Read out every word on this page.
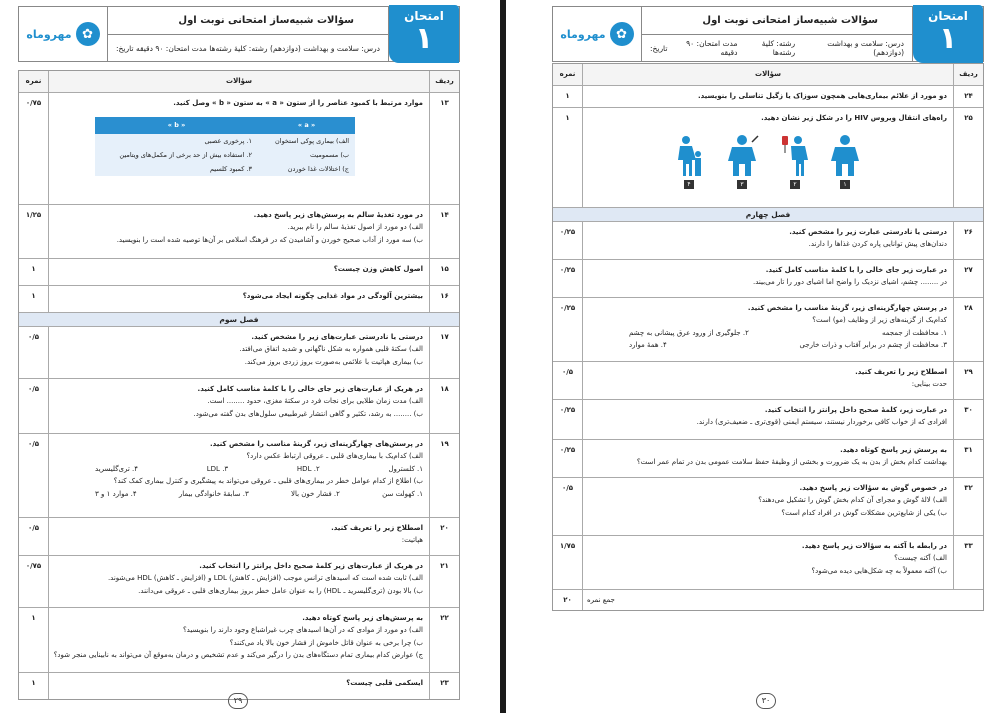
امتحان
١
سؤالات شبیه‌ساز امتحانی نوبت اول
درس: سلامت و بهداشت (دوازدهم)
رشته: کلیهٔ رشته‌ها
مدت امتحان: ۹۰ دقیقه
تاریخ:
✿
مهروماه
ردیف
سؤالات
نمره
۱۳
موارد مرتبط با کمبود عناصر را از ستون « a » به ستون « b » وصل کنید.
« a »	« b »
الف) بیماری پوکی استخوان	۱. پرخوری عصبی
ب) مسمومیت	۲. استفاده بیش از حد برخی از مکمل‌های ویتامین
ج) اختلالات غذا خوردن	۳. کمبود کلسیم
۰/۷۵
۱۴
در مورد تغذیهٔ سالم به پرسش‌های زیر پاسخ دهید.
الف) دو مورد از اصول تغذیهٔ سالم را نام ببرید.
ب) سه مورد از آداب صحیح خوردن و آشامیدن که در فرهنگ اسلامی بر آن‌ها توصیه شده است را بنویسید.
۱/۲۵
۱۵
اصول کاهش وزن چیست؟
۱
۱۶
بیشترین آلودگی در مواد غذایی چگونه ایجاد می‌شود؟
۱
فصل سوم
۱۷
درستی یا نادرستی عبارت‌های زیر را مشخص کنید.
الف) سکتهٔ قلبی همواره به شکل ناگهانی و شدید اتفاق می‌افتد.
ب) بیماری هپاتیت با علائمی به‌صورت بروز زردی بروز می‌کند.
۰/۵
۱۸
در هریک از عبارت‌های زیر جای خالی را با کلمهٔ مناسب کامل کنید.
الف) مدت زمان طلایی برای نجات فرد در سکتهٔ مغزی، حدود ........ است.
ب) ........ به رشد، تکثیر و گاهی انتشار غیرطبیعی سلول‌های بدن گفته می‌شود.
۰/۵
۱۹
در پرسش‌های چهارگزینه‌ای زیر، گزینهٔ مناسب را مشخص کنید.
الف) کدام‌یک با بیماری‌های قلبی ـ عروقی ارتباط عکس دارد؟
۱. کلسترول
۲. HDL
۳. LDL
۴. تری‌گلیسرید
ب) اطلاع از کدام عوامل خطر در بیماری‌های قلبی ـ عروقی می‌تواند به پیشگیری و کنترل بیماری کمک کند؟
۱. کهولت سن
۲. فشار خون بالا
۳. سابقهٔ خانوادگی بیمار
۴. موارد ۱ و ۳
۰/۵
۲۰
اصطلاح زیر را تعریف کنید.
هپاتیت:
۰/۵
۲۱
در هریک از عبارت‌های زیر کلمهٔ صحیح داخل پرانتز را انتخاب کنید.
الف) ثابت شده است که اسیدهای ترانس موجب (افزایش ـ کاهش) LDL و (افزایش ـ کاهش) HDL می‌شوند.
ب) بالا بودن (تری‌گلیسرید ـ HDL) را به عنوان عامل خطر بروز بیماری‌های قلبی ـ عروقی می‌دانند.
۰/۷۵
۲۲
به پرسش‌های زیر پاسخ کوتاه دهید.
الف) دو مورد از موادی که در آن‌ها اسیدهای چرب غیراشباع وجود دارند را بنویسید؟
ب) چرا برخی به عنوان قاتل خاموش از فشار خون بالا یاد می‌کنند؟
ج) عوارض کدام بیماری تمام دستگاه‌های بدن را درگیر می‌کند و عدم تشخیص و درمان به‌موقع آن می‌تواند به نابینایی منجر شود؟
۱
۲۳
ایسکمی قلبی چیست؟
۱
۲۹
امتحان
١
سؤالات شبیه‌ساز امتحانی نوبت اول
درس: سلامت و بهداشت (دوازدهم)
رشته: کلیهٔ رشته‌ها
مدت امتحان: ۹۰ دقیقه
تاریخ:
✿
مهروماه
ردیف
سؤالات
نمره
۲۴
دو مورد از علائم بیماری‌هایی همچون سوزاک یا زگیل تناسلی را بنویسید.
۱
۲۵
راه‌های انتقال ویروس HIV را در شکل زیر نشان دهید.
۴	۳	۲	۱
۱
فصل چهارم
۲۶
درستی یا نادرستی عبارت زیر را مشخص کنید.
دندان‌های پیش توانایی پاره کردن غذاها را دارند.
۰/۲۵
۲۷
در عبارت زیر جای خالی را با کلمهٔ مناسب کامل کنید.
در ........ چشم، اشیای نزدیک را واضح اما اشیای دور را تار می‌بیند.
۰/۲۵
۲۸
در پرسش چهارگزینه‌ای زیر، گزینهٔ مناسب را مشخص کنید.
کدام‌یک از گزینه‌های زیر از وظایف (مو) است؟
۱. محافظت از جمجمه
۲. جلوگیری از ورود عرق پیشانی به چشم
۳. محافظت از چشم در برابر آفتاب و ذرات خارجی
۴. همهٔ موارد
۰/۲۵
۲۹
اصطلاح زیر را تعریف کنید.
حدت بینایی:
۰/۵
۳۰
در عبارت زیر، کلمهٔ صحیح داخل پرانتز را انتخاب کنید.
افرادی که از خواب کافی برخوردار نیستند، سیستم ایمنی (قوی‌تری ـ ضعیف‌تری) دارند.
۰/۲۵
۳۱
به پرسش زیر پاسخ کوتاه دهید.
بهداشت کدام بخش از بدن به یک ضرورت و بخشی از وظیفهٔ حفظ سلامت عمومی بدن در تمام عمر است؟
۰/۲۵
۳۲
در خصوص گوش به سؤالات زیر پاسخ دهید.
الف) لالهٔ گوش و مجرای آن کدام بخش گوش را تشکیل می‌دهند؟
ب) یکی از شایع‌ترین مشکلات گوش در افراد کدام است؟
۰/۵
۳۳
در رابطه با آکنه به سؤالات زیر پاسخ دهید.
الف) آکنه چیست؟
ب) آکنه معمولاً به چه شکل‌هایی دیده می‌شود؟
۱/۷۵
جمع نمره
۲۰
۳۰
